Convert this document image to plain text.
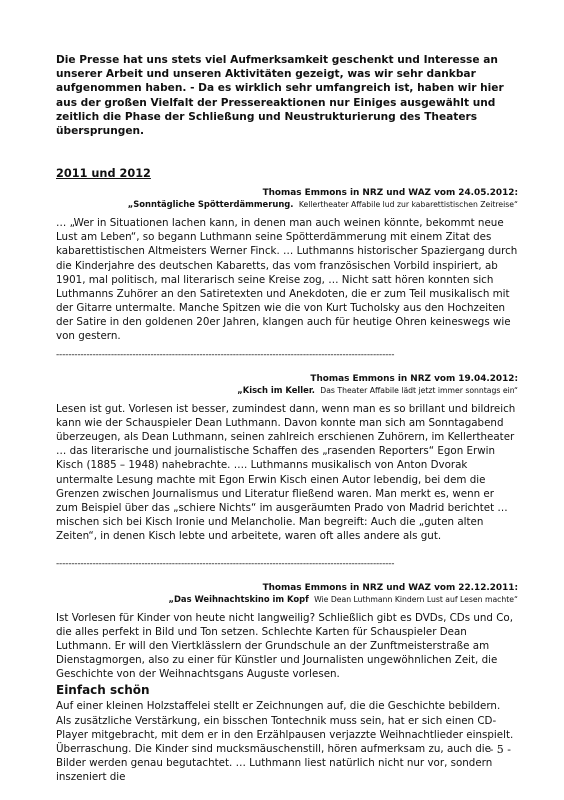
Die Presse hat uns stets viel Aufmerksamkeit geschenkt und Interesse an unserer Arbeit und unseren Aktivitäten gezeigt, was wir sehr dankbar aufgenommen haben. - Da es wirklich sehr umfangreich ist, haben wir hier aus der großen Vielfalt der Pressereaktionen nur Einiges ausgewählt und zeitlich die Phase der Schließung und Neustrukturierung des Theaters übersprungen.

2011 und 2012

Thomas Emmons in NRZ und WAZ vom 24.05.2012:

„Sonntägliche Spötterdämmerung. Kellertheater Affabile lud zur kabarettistischen Zeitreise“

… „Wer in Situationen lachen kann, in denen man auch weinen könnte, bekommt neue Lust am Leben“, so begann Luthmann seine Spötterdämmerung mit einem Zitat des kabarettistischen Altmeisters Werner Finck. … Luthmanns historischer Spaziergang durch die Kinderjahre des deutschen Kabaretts, das vom französischen Vorbild inspiriert, ab 1901, mal politisch, mal literarisch seine Kreise zog, … Nicht satt hören konnten sich Luthmanns Zuhörer an den Satiretexten und Anekdoten, die er zum Teil musikalisch mit der Gitarre untermalte. Manche Spitzen wie die von Kurt Tucholsky aus den Hochzeiten der Satire in den goldenen 20er Jahren, klangen auch für heutige Ohren keineswegs wie von gestern.

---------------------------------------------------------------------------------------------------------------

Thomas Emmons in NRZ vom 19.04.2012:

„Kisch im Keller. Das Theater Affabile lädt jetzt immer sonntags ein“

Lesen ist gut. Vorlesen ist besser, zumindest dann, wenn man es so brillant und bildreich kann wie der Schauspieler Dean Luthmann. Davon konnte man sich am Sonntagabend überzeugen, als Dean Luthmann, seinen zahlreich erschienen Zuhörern, im Kellertheater … das literarische und journalistische Schaffen des „rasenden Reporters“ Egon Erwin Kisch (1885 – 1948) nahebrachte. …. Luthmanns musikalisch von Anton Dvorak untermalte Lesung machte mit Egon Erwin Kisch einen Autor lebendig, bei dem die Grenzen zwischen Journalismus und Literatur fließend waren. Man merkt es, wenn er zum Beispiel über das „schiere Nichts“ im ausgeräumten Prado von Madrid berichtet … mischen sich bei Kisch Ironie und Melancholie. Man begreift: Auch die „guten alten Zeiten“, in denen Kisch lebte und arbeitete, waren oft alles andere als gut.

---------------------------------------------------------------------------------------------------------------

Thomas Emmons in NRZ und WAZ vom 22.12.2011:

„Das Weihnachtskino im Kopf Wie Dean Luthmann Kindern Lust auf Lesen machte“

Ist Vorlesen für Kinder von heute nicht langweilig? Schließlich gibt es DVDs, CDs und Co, die alles perfekt in Bild und Ton setzen. Schlechte Karten für Schauspieler Dean Luthmann. Er will den Viertklässlern der Grundschule an der Zunftmeisterstraße am Dienstagmorgen, also zu einer für Künstler und Journalisten ungewöhnlichen Zeit, die Geschichte von der Weihnachtsgans Auguste vorlesen.

Einfach schön

Auf einer kleinen Holzstaffelei stellt er Zeichnungen auf, die die Geschichte bebildern. Als zusätzliche Verstärkung, ein bisschen Tontechnik muss sein, hat er sich einen CD-Player mitgebracht, mit dem er in den Erzählpausen verjazzte Weihnachtlieder einspielt. Überraschung. Die Kinder sind mucksmäuschenstill, hören aufmerksam zu, auch die Bilder werden genau begutachtet. … Luthmann liest natürlich nicht nur vor, sondern inszeniert die

- 5 -
